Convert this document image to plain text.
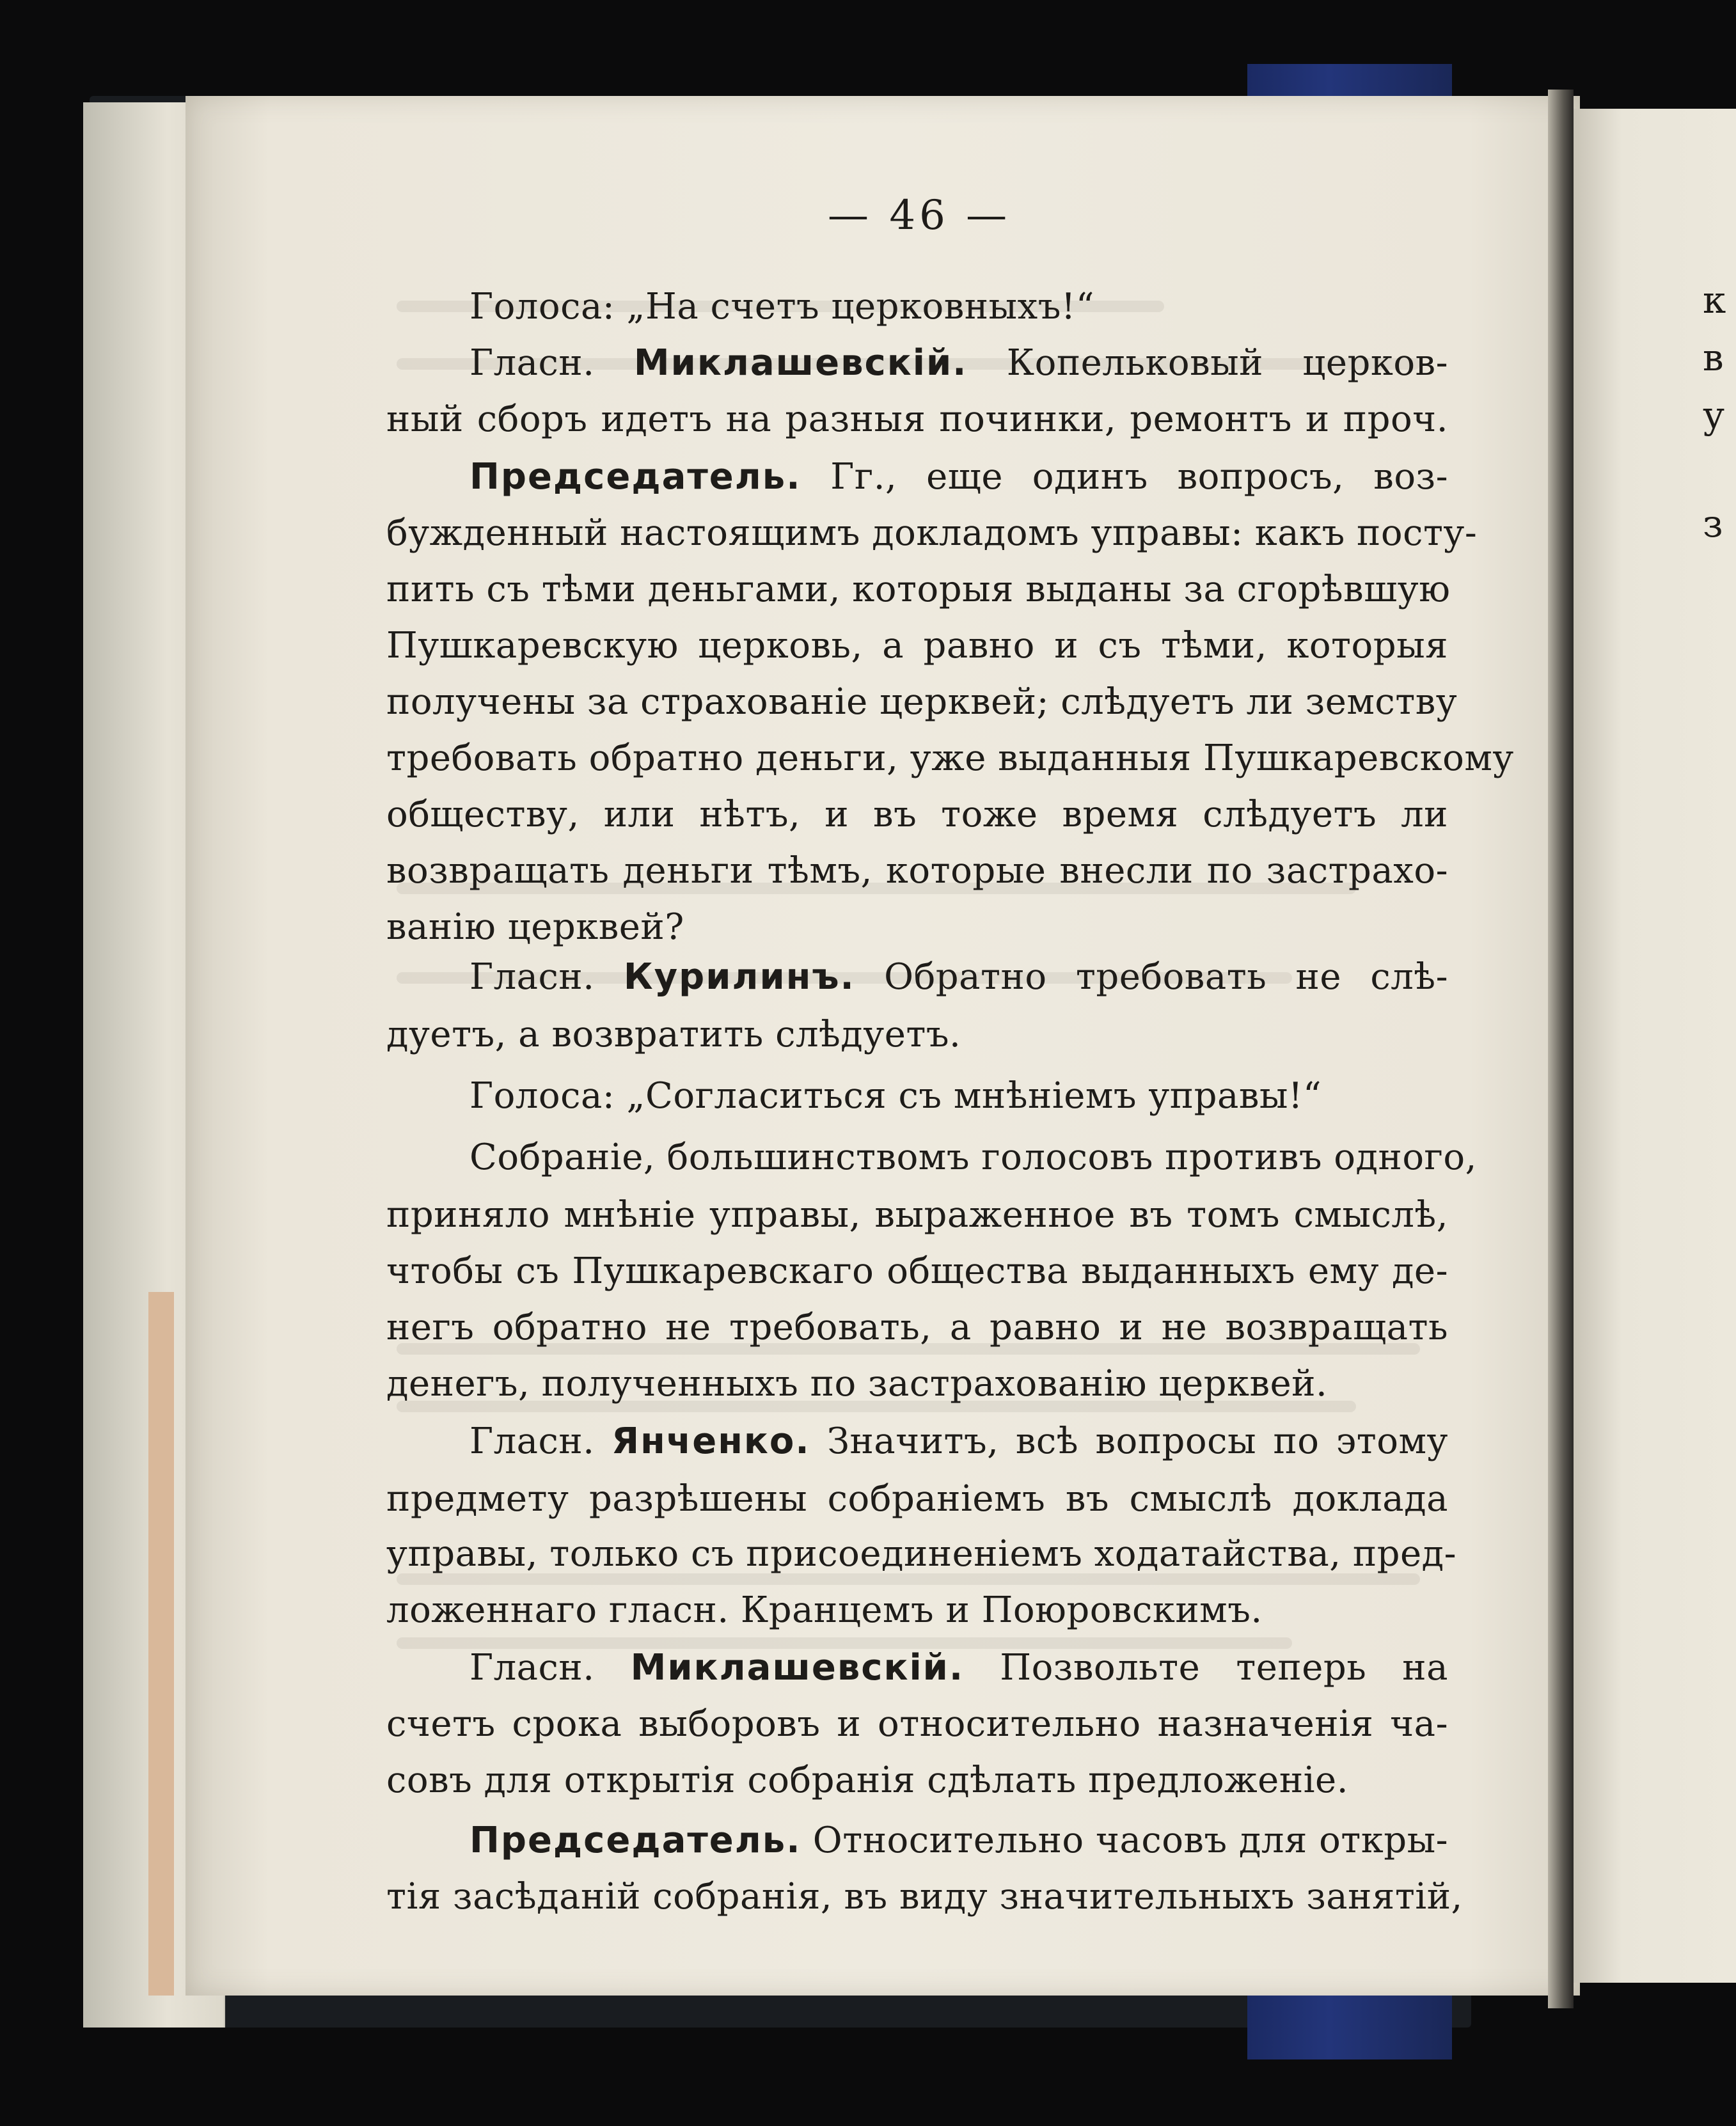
к
в
у
з
— 46 —
Голоса: „На счетъ церковныхъ!“
Гласн. Миклашевскій. Копельковый церков-
ный сборъ идетъ на разныя починки, ремонтъ и проч.
Председатель. Гг., еще одинъ вопросъ, воз-
бужденный настоящимъ докладомъ управы: какъ посту-
пить съ тѣми деньгами, которыя выданы за сгорѣвшую
Пушкаревскую церковь, а равно и съ тѣми, которыя
получены за страхованіе церквей; слѣдуетъ ли земству
требовать обратно деньги, уже выданныя Пушкаревскому
обществу, или нѣтъ, и въ тоже время слѣдуетъ ли
возвращать деньги тѣмъ, которые внесли по застрахо-
ванію церквей?
Гласн. Курилинъ. Обратно требовать не слѣ-
дуетъ, а возвратить слѣдуетъ.
Голоса: „Согласиться съ мнѣніемъ управы!“
Собраніе, большинствомъ голосовъ противъ одного,
приняло мнѣніе управы, выраженное въ томъ смыслѣ,
чтобы съ Пушкаревскаго общества выданныхъ ему де-
негъ обратно не требовать, а равно и не возвращать
денегъ, полученныхъ по застрахованію церквей.
Гласн. Янченко. Значитъ, всѣ вопросы по этому
предмету разрѣшены собраніемъ въ смыслѣ доклада
управы, только съ присоединеніемъ ходатайства, пред-
ложеннаго гласн. Кранцемъ и Поюровскимъ.
Гласн. Миклашевскій. Позвольте теперь на
счетъ срока выборовъ и относительно назначенія ча-
совъ для открытія собранія сдѣлать предложеніе.
Председатель. Относительно часовъ для откры-
тія засѣданій собранія, въ виду значительныхъ занятій,
